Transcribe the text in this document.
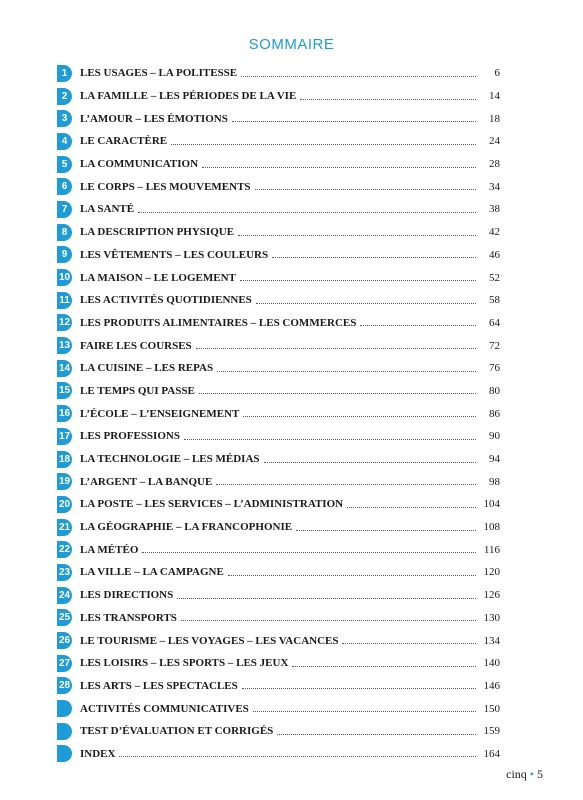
SOMMAIRE
1	LES USAGES – LA POLITESSE	6
2	LA FAMILLE – LES PÉRIODES DE LA VIE	14
3	L’AMOUR – LES ÉMOTIONS	18
4	LE CARACTÈRE	24
5	LA COMMUNICATION	28
6	LE CORPS – LES MOUVEMENTS	34
7	LA SANTÉ	38
8	LA DESCRIPTION PHYSIQUE	42
9	LES VÊTEMENTS – LES COULEURS	46
10 LA MAISON – LE LOGEMENT	52
11 LES ACTIVITÉS QUOTIDIENNES	58
12 LES PRODUITS ALIMENTAIRES – LES COMMERCES	64
13 FAIRE LES COURSES	72
14 LA CUISINE – LES REPAS	76
15 LE TEMPS QUI PASSE	80
16 L’ÉCOLE – L’ENSEIGNEMENT	86
17 LES PROFESSIONS	90
18 LA TECHNOLOGIE – LES MÉDIAS	94
19 L’ARGENT – LA BANQUE	98
20 LA POSTE – LES SERVICES – L’ADMINISTRATION	104
21 LA GÉOGRAPHIE – LA FRANCOPHONIE	108
22 LA MÉTÉO	116
23 LA VILLE – LA CAMPAGNE	120
24 LES DIRECTIONS	126
25 LES TRANSPORTS	130
26 LE TOURISME – LES VOYAGES – LES VACANCES	134
27 LES LOISIRS – LES SPORTS – LES JEUX	140
28 LES ARTS – LES SPECTACLES	146
ACTIVITÉS COMMUNICATIVES	150
TEST D’ÉVALUATION ET CORRIGÉS	159
INDEX	164
cinq • 5
